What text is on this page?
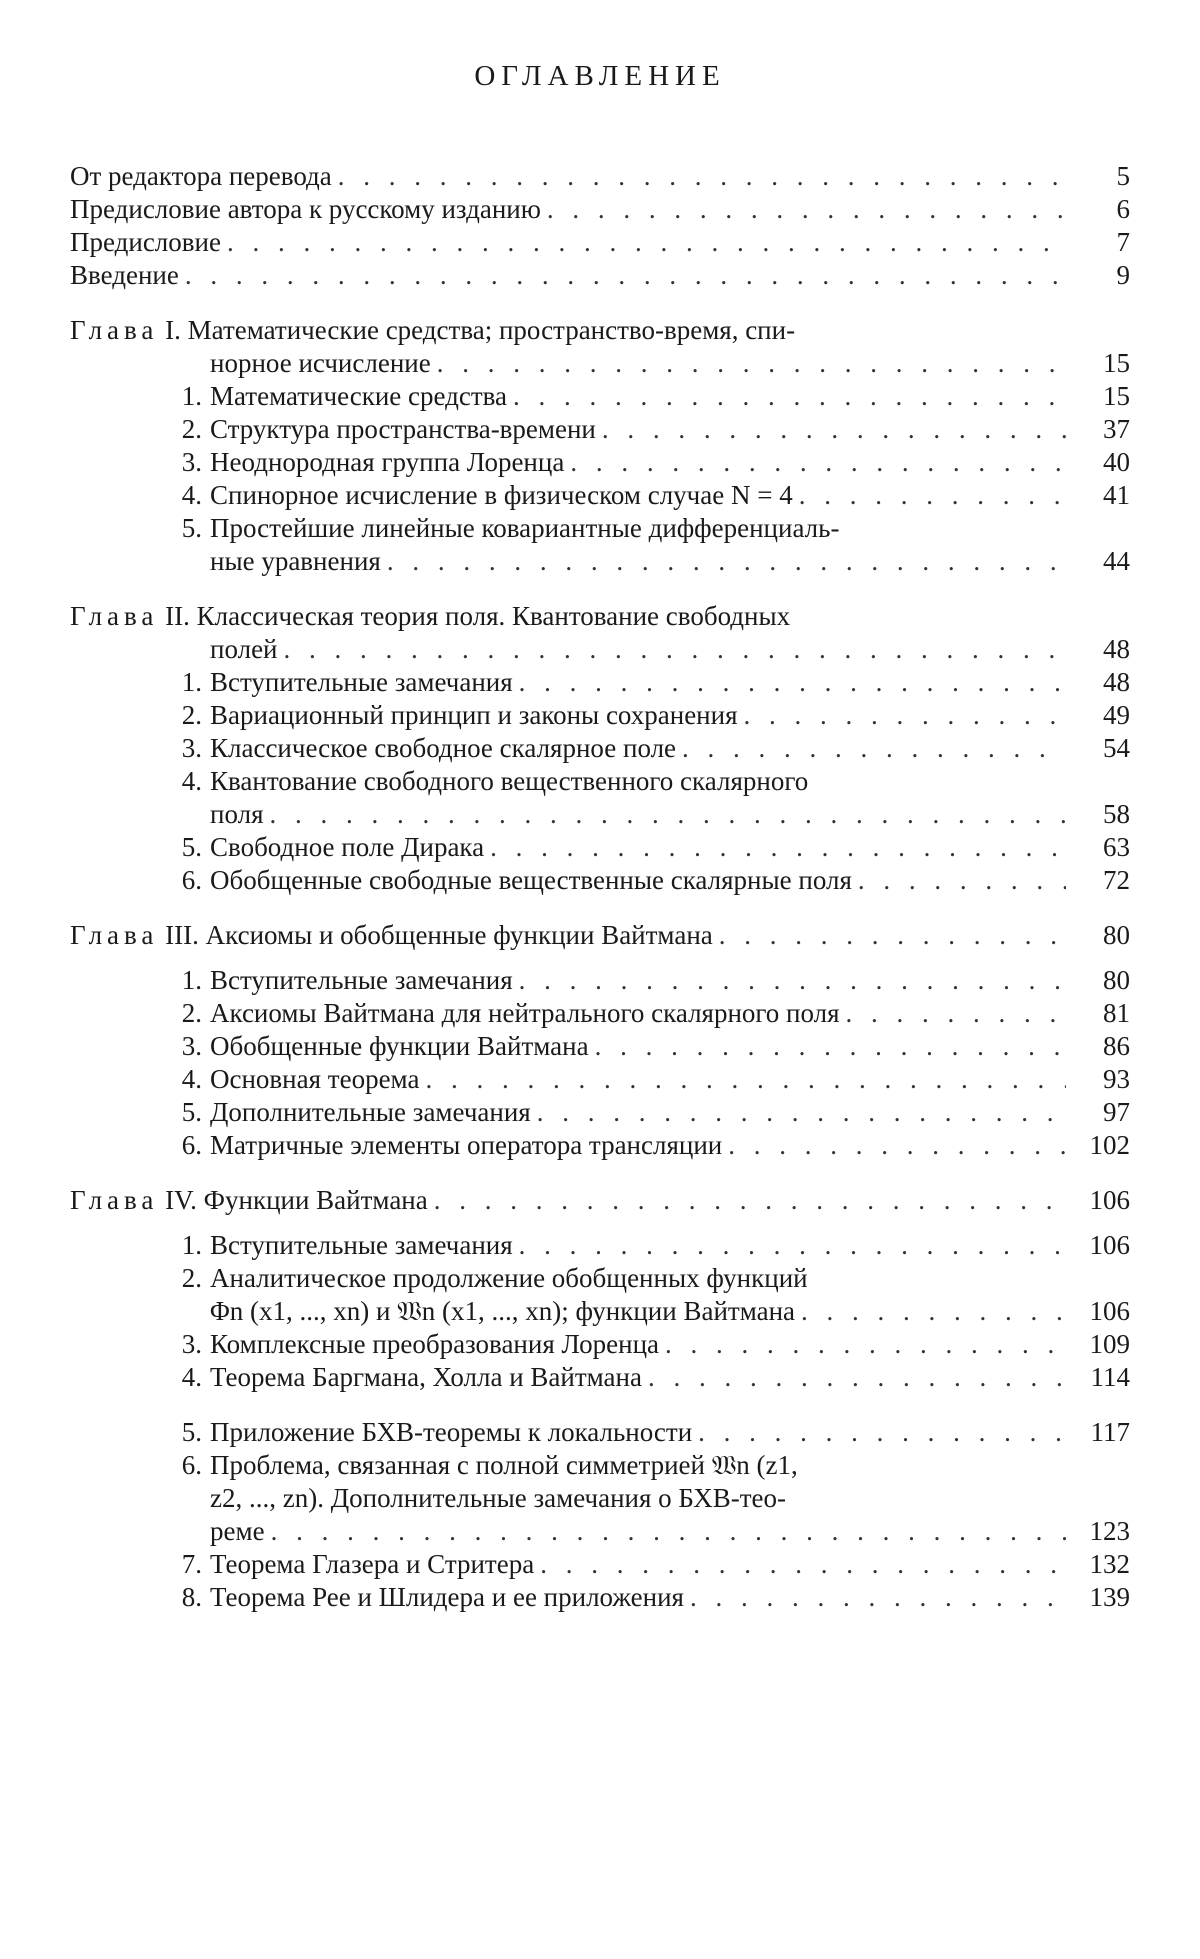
ОГЛАВЛЕНИЕ
От редактора перевода . . .	5
Предисловие автора к русскому изданию . . .	6
Предисловие . . .	7
Введение . . .	9
Глава I. Математические средства; пространство-время, спи-
норное исчисление . . .	15
1. Математические средства . . .	15
2. Структура пространства-времени . . .	37
3. Неоднородная группа Лоренца . . .	40
4. Спинорное исчисление в физическом случае N = 4 . . .	41
5. Простейшие линейные ковариантные дифференциаль-
ные уравнения . . .	44
Глава II. Классическая теория поля. Квантование свободных
полей . . .	48
1. Вступительные замечания . . .	48
2. Вариационный принцип и законы сохранения . . .	49
3. Классическое свободное скалярное поле . . .	54
4. Квантование свободного вещественного скалярного
поля . . .	58
5. Свободное поле Дирака . . .	63
6. Обобщенные свободные вещественные скалярные поля . . .	72
Глава III. Аксиомы и обобщенные функции Вайтмана . . .	80
1. Вступительные замечания . . .	80
2. Аксиомы Вайтмана для нейтрального скалярного поля . . .	81
3. Обобщенные функции Вайтмана . . .	86
4. Основная теорема . . .	93
5. Дополнительные замечания . . .	97
6. Матричные элементы оператора трансляции . . .	102
Глава IV. Функции Вайтмана . . .	106
1. Вступительные замечания . . .	106
2. Аналитическое продолжение обобщенных функций
Φn (x1, ..., xn) и 𝔚n (x1, ..., xn); функции Вайтмана . . .	106
3. Комплексные преобразования Лоренца . . .	109
4. Теорема Баргмана, Холла и Вайтмана . . .	114
5. Приложение БХВ-теоремы к локальности . . .	117
6. Проблема, связанная с полной симметрией 𝔚n (z1,
z2, ..., zn). Дополнительные замечания о БХВ-тео-
реме . . .	123
7. Теорема Глазера и Стритера . . .	132
8. Теорема Рее и Шлидера и ее приложения . . .	139
